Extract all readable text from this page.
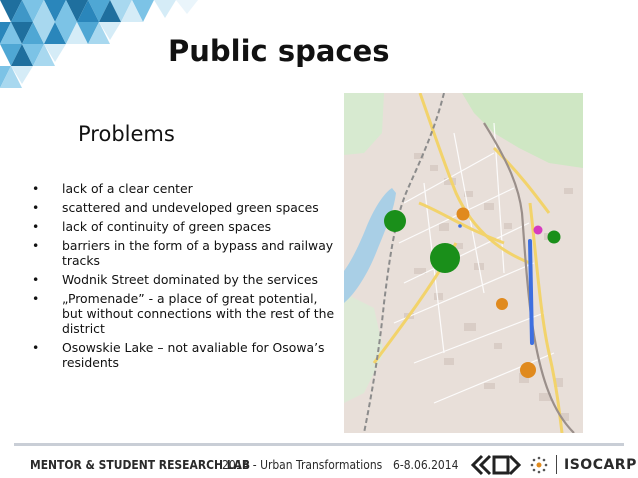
Public spaces
Problems
• lack of a clear center
• scattered and undeveloped green spaces
• lack of continuity of green spaces
• barriers in the form of a bypass and railway tracks
• Wodnik Street dominated by the services
• „Promenade” - a place of great potential, but without connections with the rest of the district
• Osowskie Lake – not avaliable for Osowa’s residents
MENTOR & STUDENT RESEARCH LAB
2014 - Urban Transformations 6-8.06.2014	ISOCARP
